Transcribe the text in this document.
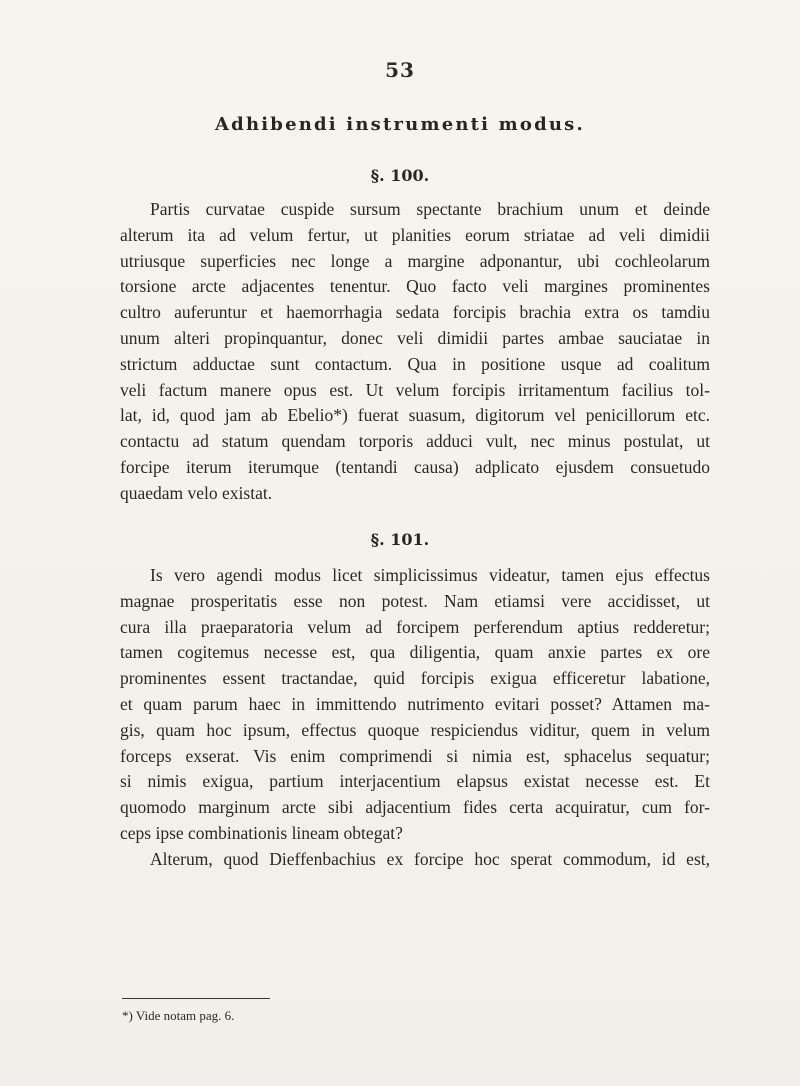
53
Adhibendi instrumenti modus.
§. 100.
Partis curvatae cuspide sursum spectante brachium unum et deinde
alterum ita ad velum fertur, ut planities eorum striatae ad veli dimidii
utriusque superficies nec longe a margine adponantur, ubi cochleolarum
torsione arcte adjacentes tenentur. Quo facto veli margines prominentes
cultro auferuntur et haemorrhagia sedata forcipis brachia extra os tamdiu
unum alteri propinquantur, donec veli dimidii partes ambae sauciatae in
strictum adductae sunt contactum. Qua in positione usque ad coalitum
veli factum manere opus est. Ut velum forcipis irritamentum facilius tol-
lat, id, quod jam ab Ebelio*) fuerat suasum, digitorum vel penicillorum etc.
contactu ad statum quendam torporis adduci vult, nec minus postulat, ut
forcipe iterum iterumque (tentandi causa) adplicato ejusdem consuetudo
quaedam velo existat.
§. 101.
Is vero agendi modus licet simplicissimus videatur, tamen ejus effectus
magnae prosperitatis esse non potest. Nam etiamsi vere accidisset, ut
cura illa praeparatoria velum ad forcipem perferendum aptius redderetur;
tamen cogitemus necesse est, qua diligentia, quam anxie partes ex ore
prominentes essent tractandae, quid forcipis exigua efficeretur labatione,
et quam parum haec in immittendo nutrimento evitari posset? Attamen ma-
gis, quam hoc ipsum, effectus quoque respiciendus viditur, quem in velum
forceps exserat. Vis enim comprimendi si nimia est, sphacelus sequatur;
si nimis exigua, partium interjacentium elapsus existat necesse est. Et
quomodo marginum arcte sibi adjacentium fides certa acquiratur, cum for-
ceps ipse combinationis lineam obtegat?
Alterum, quod Dieffenbachius ex forcipe hoc sperat commodum, id est,
*) Vide notam pag. 6.
